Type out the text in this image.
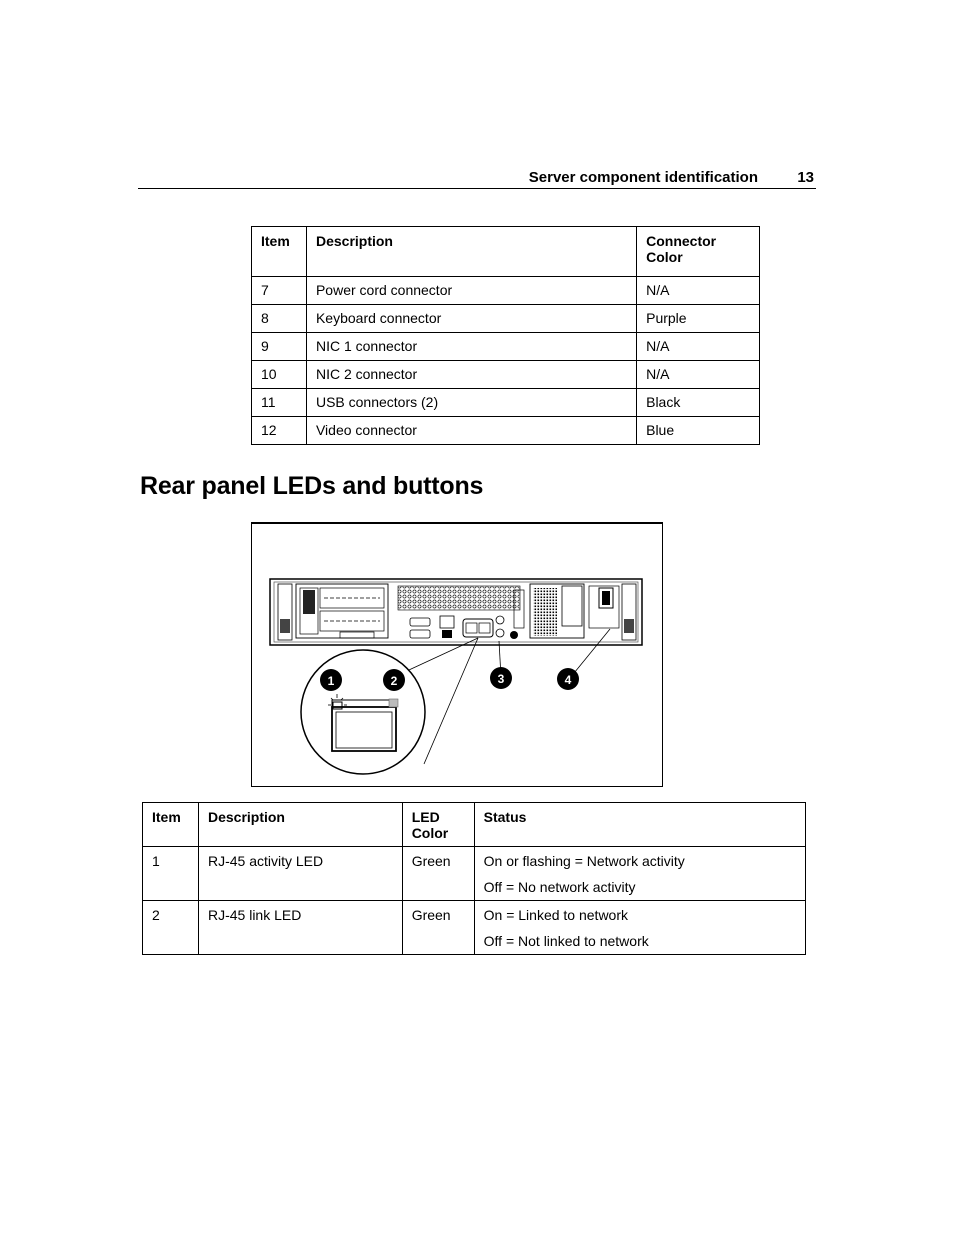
Server component identification	13
Item	Description	Connector
Color
7	Power cord connector	N/A
8	Keyboard connector	Purple
9	NIC 1 connector	N/A
10	NIC 2 connector	N/A
11	USB connectors (2)	Black
12	Video connector	Blue
Rear panel LEDs and buttons
1	2	3	4
Item	Description	LED
Color	Status
1	RJ-45 activity LED	Green	On or flashing = Network activity
Off = No network activity

2	RJ-45 link LED	Green	On = Linked to network
Off = Not linked to network
